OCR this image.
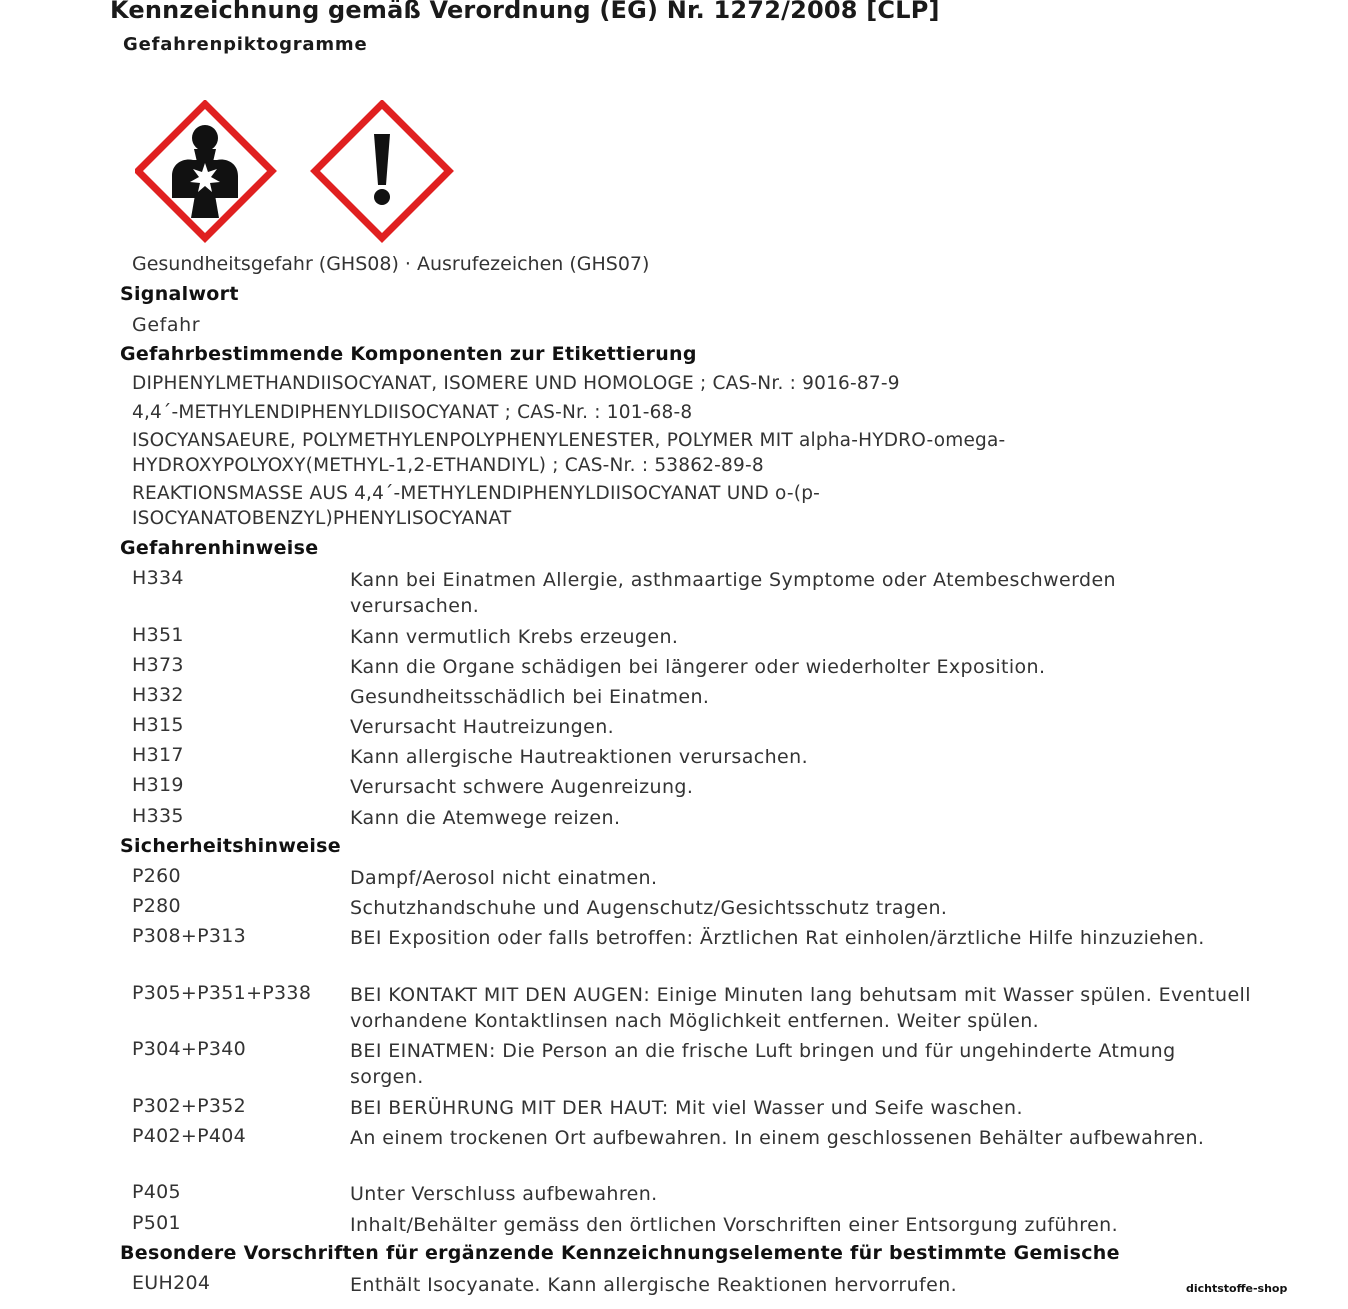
Kennzeichnung gemäß Verordnung (EG) Nr. 1272/2008 [CLP]
Gefahrenpiktogramme
Gesundheitsgefahr (GHS08) · Ausrufezeichen (GHS07)
Signalwort
Gefahr
Gefahrbestimmende Komponenten zur Etikettierung
DIPHENYLMETHANDIISOCYANAT, ISOMERE UND HOMOLOGE ; CAS-Nr. : 9016-87-9
4,4´-METHYLENDIPHENYLDIISOCYANAT ; CAS-Nr. : 101-68-8
ISOCYANSAEURE, POLYMETHYLENPOLYPHENYLENESTER, POLYMER MIT alpha-HYDRO-omega-
HYDROXYPOLYOXY(METHYL-1,2-ETHANDIYL) ; CAS-Nr. : 53862-89-8
REAKTIONSMASSE AUS 4,4´-METHYLENDIPHENYLDIISOCYANAT UND o-(p-
ISOCYANATOBENZYL)PHENYLISOCYANAT
Gefahrenhinweise
H334	Kann bei Einatmen Allergie, asthmaartige Symptome oder Atembeschwerden verursachen.
H351	Kann vermutlich Krebs erzeugen.
H373	Kann die Organe schädigen bei längerer oder wiederholter Exposition.
H332	Gesundheitsschädlich bei Einatmen.
H315	Verursacht Hautreizungen.
H317	Kann allergische Hautreaktionen verursachen.
H319	Verursacht schwere Augenreizung.
H335	Kann die Atemwege reizen.
Sicherheitshinweise
P260	Dampf/Aerosol nicht einatmen.
P280	Schutzhandschuhe und Augenschutz/Gesichtsschutz tragen.
P308+P313	BEI Exposition oder falls betroffen: Ärztlichen Rat einholen/ärztliche Hilfe hinzuziehen.
P305+P351+P338 BEI KONTAKT MIT DEN AUGEN: Einige Minuten lang behutsam mit Wasser spülen. Eventuell vorhandene Kontaktlinsen nach Möglichkeit entfernen. Weiter spülen.
P304+P340	BEI EINATMEN: Die Person an die frische Luft bringen und für ungehinderte Atmung sorgen.
P302+P352	BEI BERÜHRUNG MIT DER HAUT: Mit viel Wasser und Seife waschen.
P402+P404	An einem trockenen Ort aufbewahren. In einem geschlossenen Behälter aufbewahren.
P405	Unter Verschluss aufbewahren.
P501	Inhalt/Behälter gemäss den örtlichen Vorschriften einer Entsorgung zuführen.
Besondere Vorschriften für ergänzende Kennzeichnungselemente für bestimmte Gemische
EUH204	Enthält Isocyanate. Kann allergische Reaktionen hervorrufen.	dichtstoffe-shop
